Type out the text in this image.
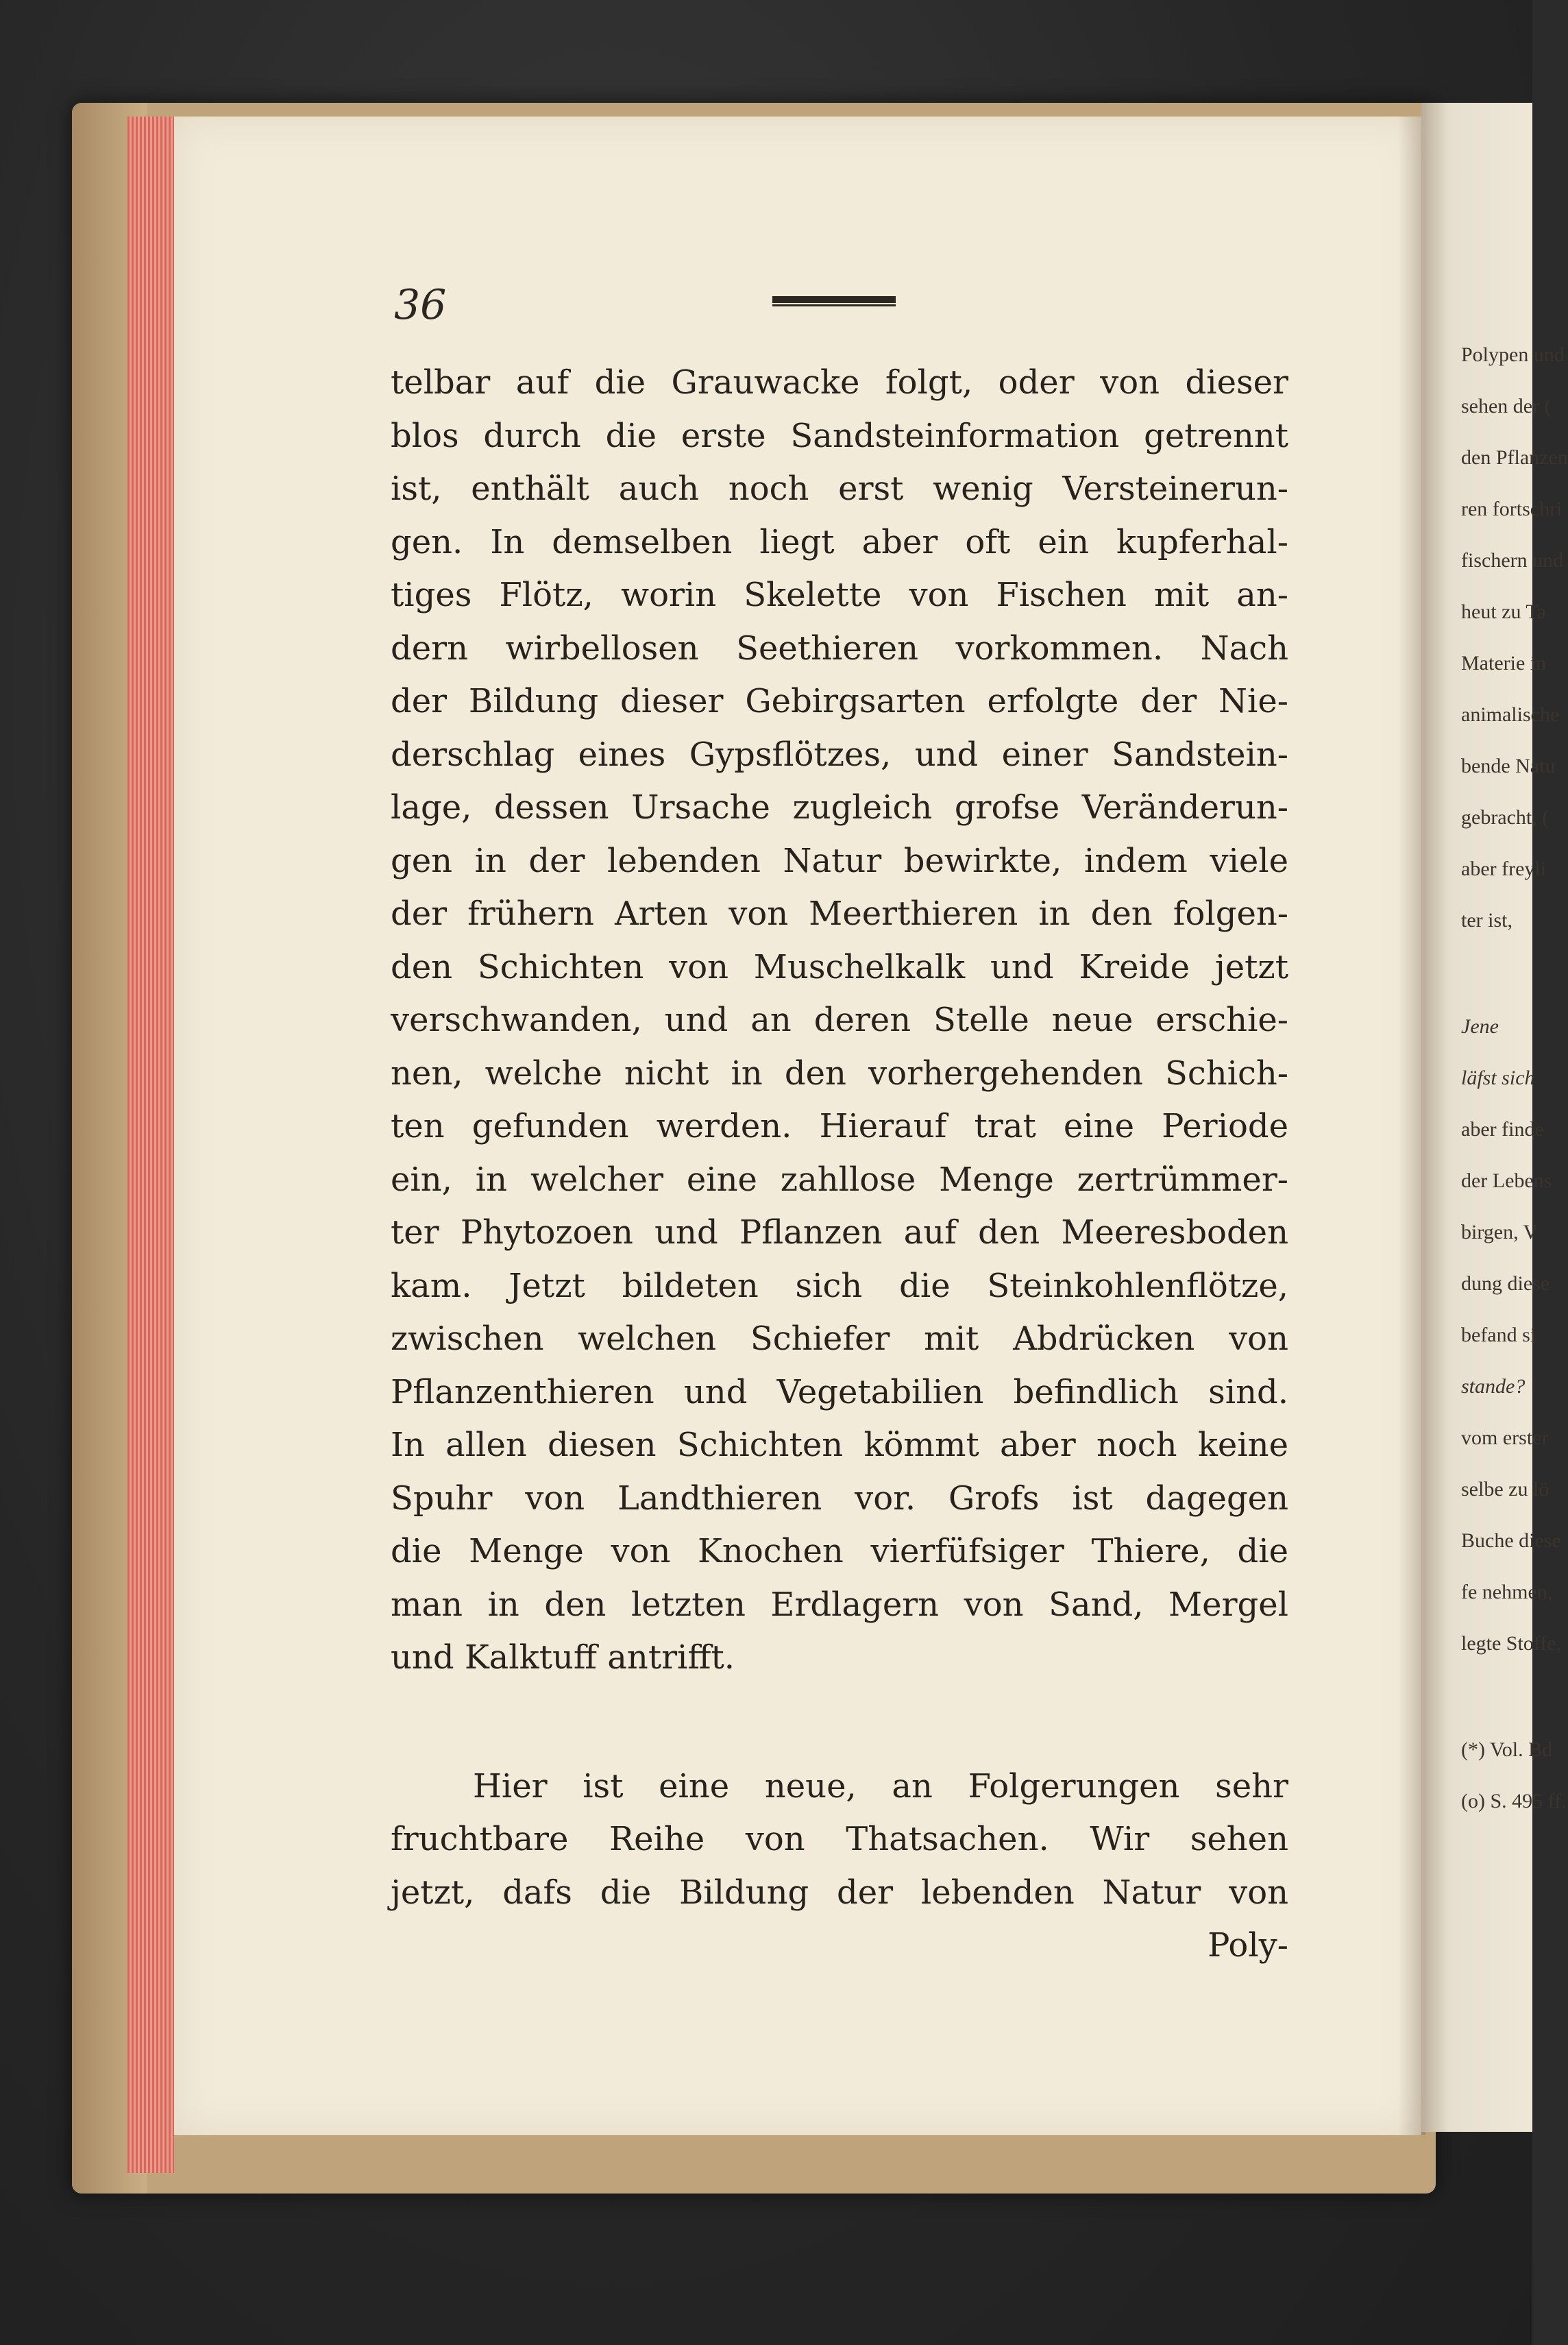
36
telbar auf die Grauwacke folgt, oder von dieser
blos durch die erste Sandsteinformation getrennt
ist, enthält auch noch erst wenig Versteinerun-
gen. In demselben liegt aber oft ein kupferhal-
tiges Flötz, worin Skelette von Fischen mit an-
dern wirbellosen Seethieren vorkommen. Nach
der Bildung dieser Gebirgsarten erfolgte der Nie-
derschlag eines Gypsflötzes, und einer Sandstein-
lage, dessen Ursache zugleich grofse Veränderun-
gen in der lebenden Natur bewirkte, indem viele
der frühern Arten von Meerthieren in den folgen-
den Schichten von Muschelkalk und Kreide jetzt
verschwanden, und an deren Stelle neue erschie-
nen, welche nicht in den vorhergehenden Schich-
ten gefunden werden. Hierauf trat eine Periode
ein, in welcher eine zahllose Menge zertrümmer-
ter Phytozoen und Pflanzen auf den Meeresboden
kam. Jetzt bildeten sich die Steinkohlenflötze,
zwischen welchen Schiefer mit Abdrücken von
Pflanzenthieren und Vegetabilien befindlich sind.
In allen diesen Schichten kömmt aber noch keine
Spuhr von Landthieren vor. Grofs ist dagegen
die Menge von Knochen vierfüfsiger Thiere, die
man in den letzten Erdlagern von Sand, Mergel
und Kalktuff antrifft.
Hier ist eine neue, an Folgerungen sehr
fruchtbare Reihe von Thatsachen. Wir sehen
jetzt, dafs die Bildung der lebenden Natur von
Poly-
Polypen und
sehen der (
den Pflanzen
ren fortschri
fischern und
heut zu Ta
Materie in
animalische
bende Natu
gebracht, (
aber freyli
ter ist,
Jene
läfst sich
aber finde
der Lebens
birgen, V
dung diese
befand si
stande?
vom erster
selbe zu lö
Buche diese
fe nehmen,
legte Stoffe,
(*) Vol. Bd
(o) S. 495 ff.
